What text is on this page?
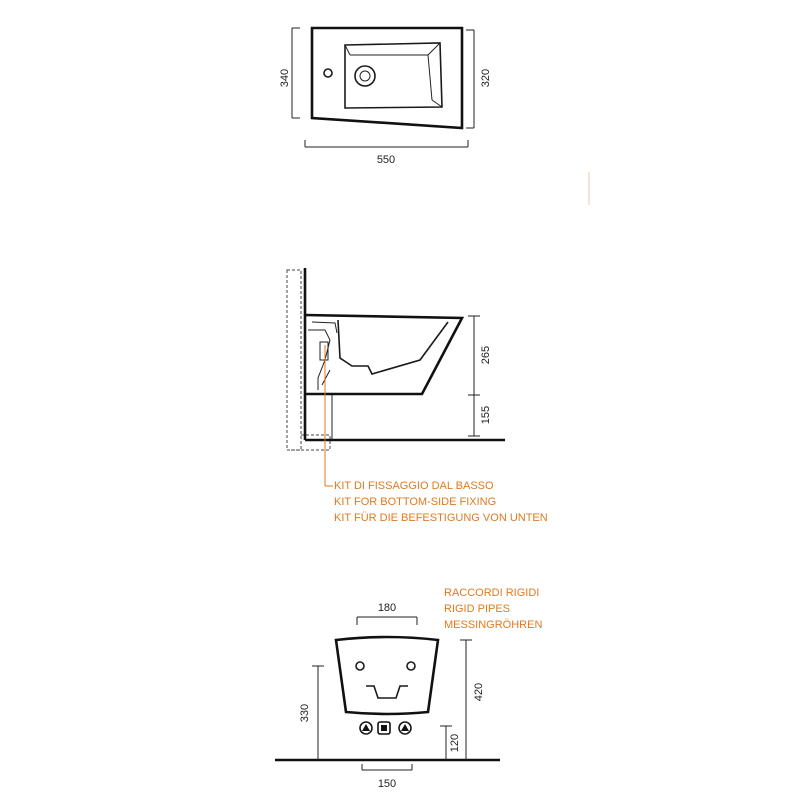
340	320
550
265
155
KIT DI FISSAGGIO DAL BASSO
KIT FOR BOTTOM-SIDE FIXING
KIT FÜR DIE BEFESTIGUNG VON UNTEN
180
330
420
120
150
RACCORDI RIGIDI
RIGID PIPES
MESSINGRÖHREN
